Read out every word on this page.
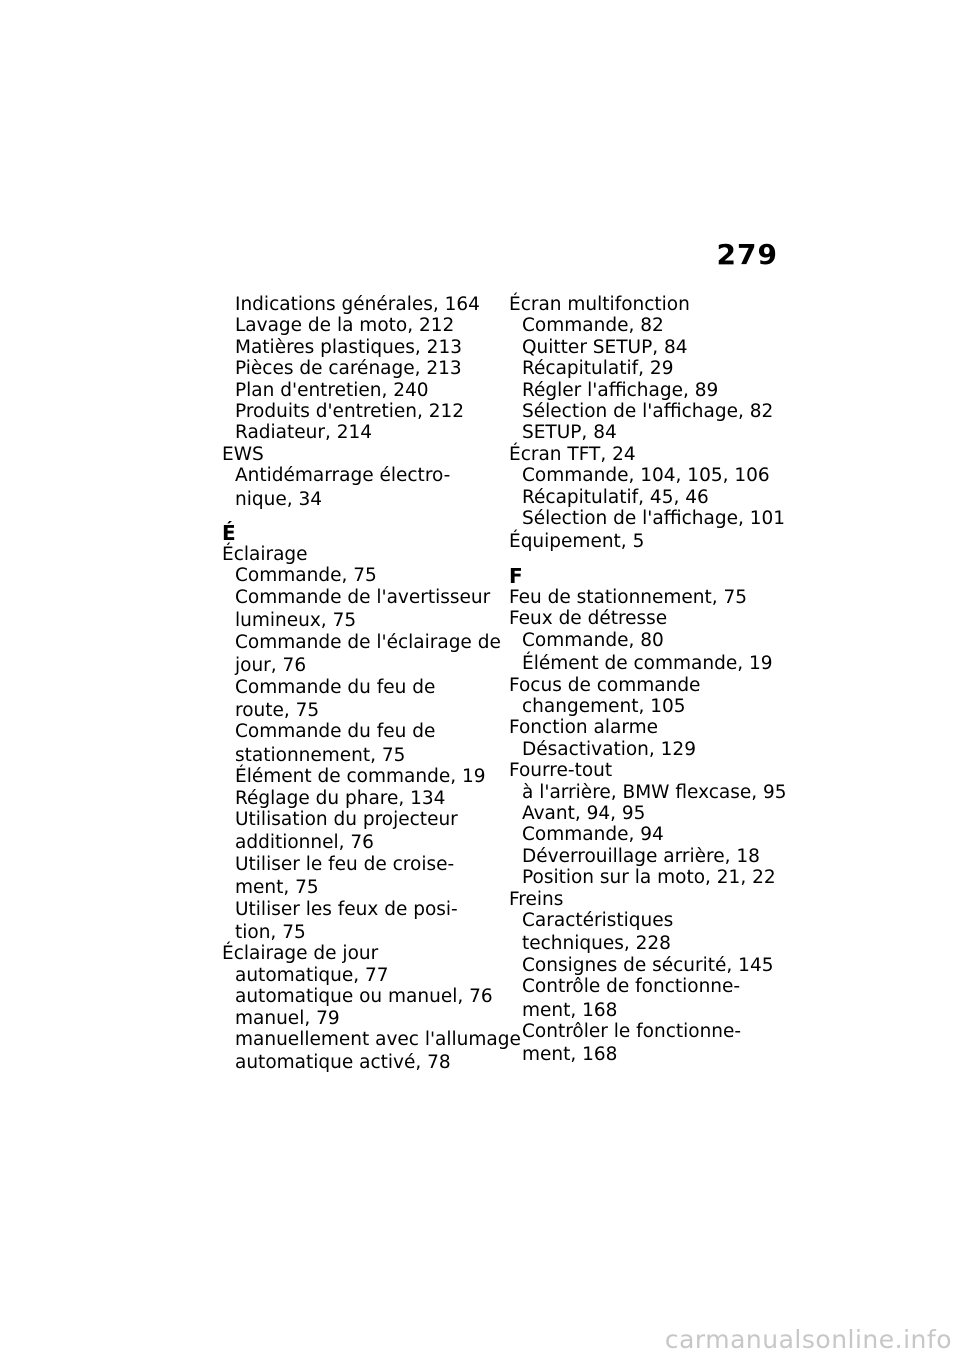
279
Indications générales, 164
Lavage de la moto, 212
Matières plastiques, 213
Pièces de carénage, 213
Plan d'entretien, 240
Produits d'entretien, 212
Radiateur, 214
EWS
Antidémarrage électro-
nique, 34
É
Éclairage
Commande, 75
Commande de l'avertisseur
lumineux, 75
Commande de l'éclairage de
jour, 76
Commande du feu de
route, 75
Commande du feu de
stationnement, 75
Élément de commande, 19
Réglage du phare, 134
Utilisation du projecteur
additionnel, 76
Utiliser le feu de croise-
ment, 75
Utiliser les feux de posi-
tion, 75
Éclairage de jour
automatique, 77
automatique ou manuel, 76
manuel, 79
manuellement avec l'allumage
automatique activé, 78
Écran multifonction
Commande, 82
Quitter SETUP, 84
Récapitulatif, 29
Régler l'affichage, 89
Sélection de l'affichage, 82
SETUP, 84
Écran TFT, 24
Commande, 104, 105, 106
Récapitulatif, 45, 46
Sélection de l'affichage, 101
Équipement, 5
F
Feu de stationnement, 75
Feux de détresse
Commande, 80
Élément de commande, 19
Focus de commande
changement, 105
Fonction alarme
Désactivation, 129
Fourre-tout
à l'arrière, BMW flexcase, 95
Avant, 94, 95
Commande, 94
Déverrouillage arrière, 18
Position sur la moto, 21, 22
Freins
Caractéristiques
techniques, 228
Consignes de sécurité, 145
Contrôle de fonctionne-
ment, 168
Contrôler le fonctionne-
ment, 168
carmanualsonline.info
